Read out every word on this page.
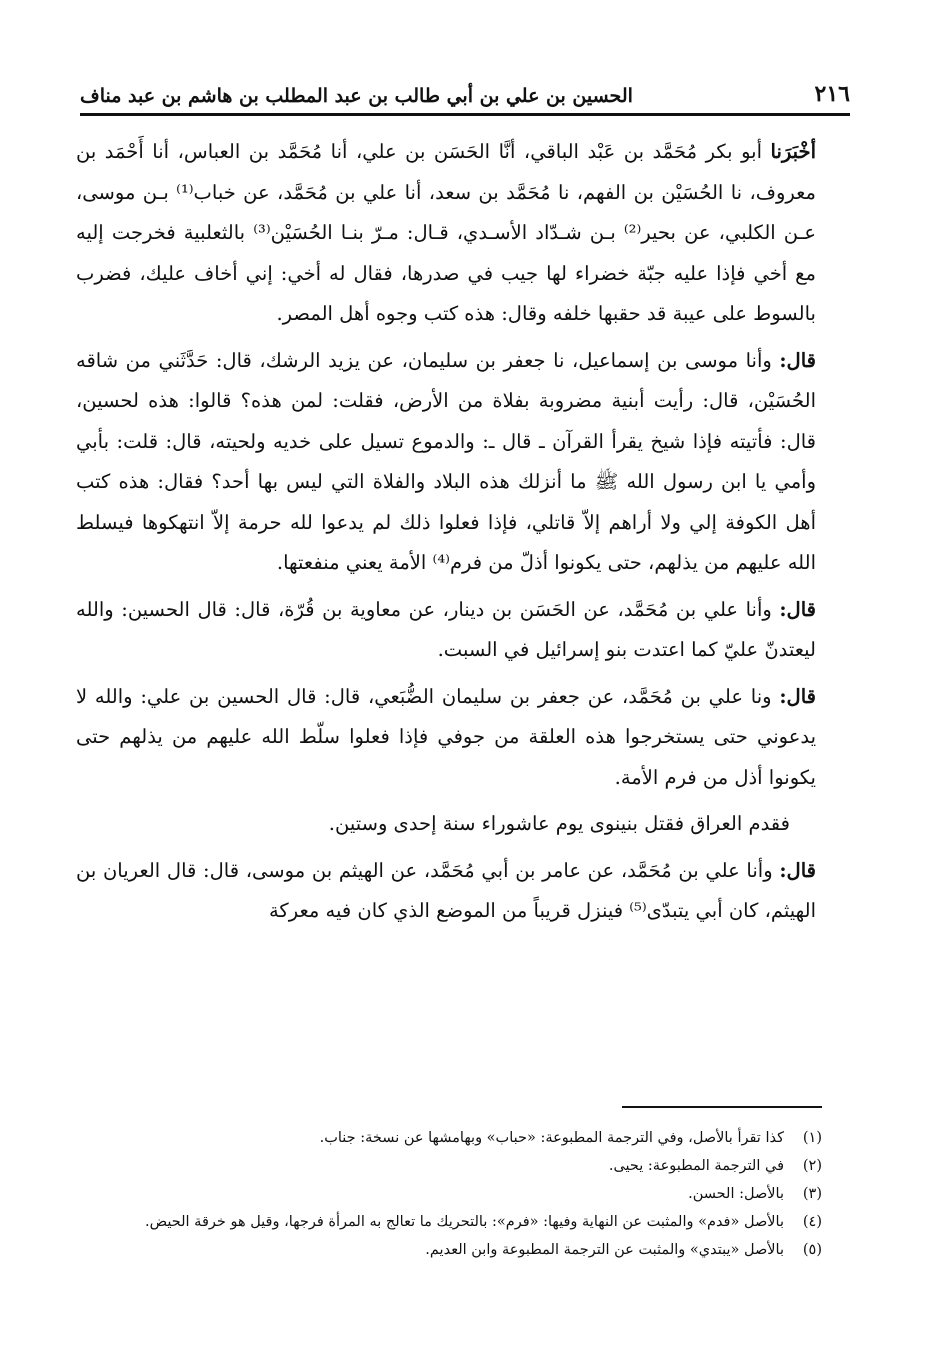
٢١٦
الحسين بن علي بن أبي طالب بن عبد المطلب بن هاشم بن عبد مناف

أخْبَرَنا أبو بكر مُحَمَّد بن عَبْد الباقي، أنَّا الحَسَن بن علي، أنا مُحَمَّد بن العباس، أنا أَحْمَد بن معروف، نا الحُسَيْن بن الفهم، نا مُحَمَّد بن سعد، أنا علي بن مُحَمَّد، عن خباب⁽¹⁾ بـن موسى، عـن الكلبي، عن بحير⁽²⁾ بـن شـدّاد الأسـدي، قـال: مـرّ بنـا الحُسَيْن⁽³⁾ بالثعلبية فخرجت إليه مع أخي فإذا عليه جبّة خضراء لها جيب في صدرها، فقال له أخي: إني أخاف عليك، فضرب بالسوط على عيبة قد حقبها خلفه وقال: هذه كتب وجوه أهل المصر.

قال: وأنا موسى بن إسماعيل، نا جعفر بن سليمان، عن يزيد الرشك، قال: حَدَّثَني من شاقه الحُسَيْن، قال: رأيت أبنية مضروبة بفلاة من الأرض، فقلت: لمن هذه؟ قالوا: هذه لحسين، قال: فأتيته فإذا شيخ يقرأ القرآن ـ قال ـ: والدموع تسيل على خديه ولحيته، قال: قلت: بأبي وأمي يا ابن رسول الله ﷺ ما أنزلك هذه البلاد والفلاة التي ليس بها أحد؟ فقال: هذه كتب أهل الكوفة إلي ولا أراهم إلاّ قاتلي، فإذا فعلوا ذلك لم يدعوا لله حرمة إلاّ انتهكوها فيسلط الله عليهم من يذلهم، حتى يكونوا أذلّ من فرم⁽⁴⁾ الأمة يعني منفعتها.

قال: وأنا علي بن مُحَمَّد، عن الحَسَن بن دينار، عن معاوية بن قُرّة، قال: قال الحسين: والله ليعتدنّ عليّ كما اعتدت بنو إسرائيل في السبت.

قال: ونا علي بن مُحَمَّد، عن جعفر بن سليمان الضُّبَعي، قال: قال الحسين بن علي: والله لا يدعوني حتى يستخرجوا هذه العلقة من جوفي فإذا فعلوا سلّط الله عليهم من يذلهم حتى يكونوا أذل من فرم الأمة.

فقدم العراق فقتل بنينوى يوم عاشوراء سنة إحدى وستين.

قال: وأنا علي بن مُحَمَّد، عن عامر بن أبي مُحَمَّد، عن الهيثم بن موسى، قال: قال العريان بن الهيثم، كان أبي يتبدّى⁽⁵⁾ فينزل قريباً من الموضع الذي كان فيه معركة

(١)
كذا تقرأ بالأصل، وفي الترجمة المطبوعة: «حباب» وبهامشها عن نسخة: جناب.
(٢)
في الترجمة المطبوعة: يحيى.
(٣)
بالأصل: الحسن.
(٤)
بالأصل «فدم» والمثبت عن النهاية وفيها: «فرم»: بالتحريك ما تعالج به المرأة فرجها، وقيل هو خرقة الحيض.
(٥)
بالأصل «يبتدي» والمثبت عن الترجمة المطبوعة وابن العديم.
